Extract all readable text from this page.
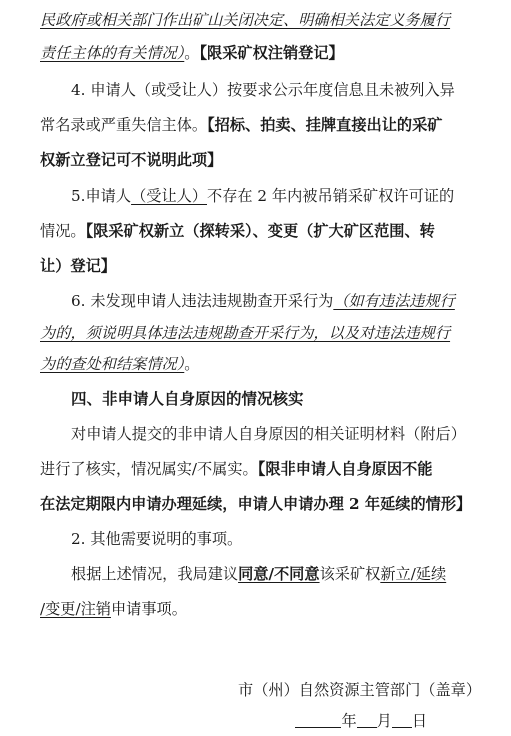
民政府或相关部门作出矿山关闭决定、明确相关法定义务履行
责任主体的有关情况）。【限采矿权注销登记】
4. 申请人（或受让人）按要求公示年度信息且未被列入异
常名录或严重失信主体。【招标、拍卖、挂牌直接出让的采矿
权新立登记可不说明此项】
5.申请人（受让人）不存在 2 年内被吊销采矿权许可证的
情况。【限采矿权新立（探转采）、变更（扩大矿区范围、转
让）登记】
6. 未发现申请人违法违规勘查开采行为（如有违法违规行
为的，须说明具体违法违规勘查开采行为，以及对违法违规行
为的查处和结案情况）。
四、非申请人自身原因的情况核实
对申请人提交的非申请人自身原因的相关证明材料（附后）
进行了核实，情况属实/不属实。【限非申请人自身原因不能
在法定期限内申请办理延续，申请人申请办理 2 年延续的情形】
2. 其他需要说明的事项。
根据上述情况，我局建议同意/不同意该采矿权新立/延续
/变更/注销申请事项。
市（州）自然资源主管部门（盖章）
年 月 日
